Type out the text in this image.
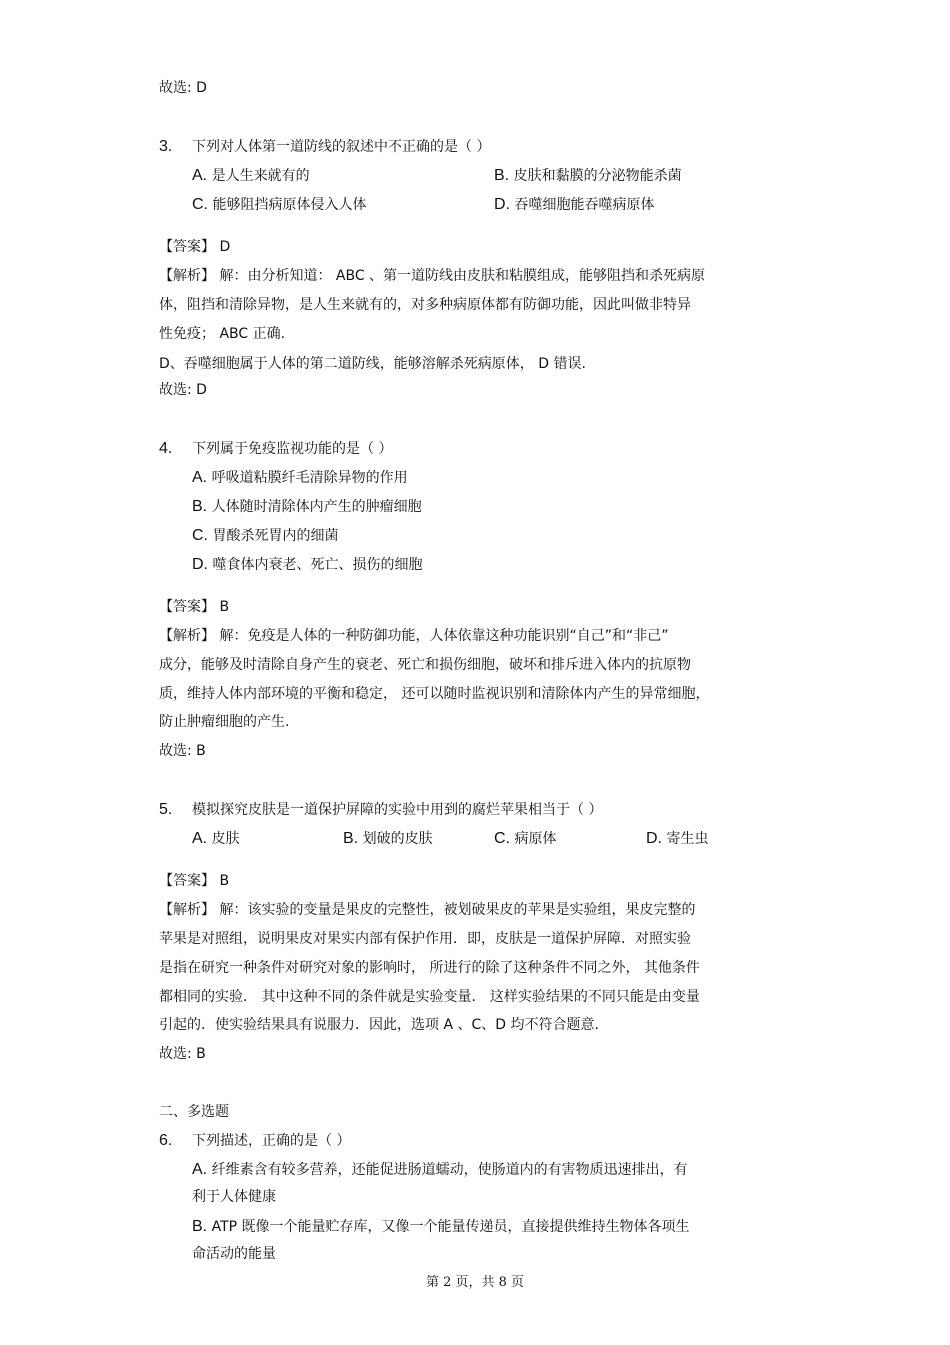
故选: D
3. 下列对人体第一道防线的叙述中不正确的是（ ）
A. 是人生来就有的	B. 皮肤和黏膜的分泌物能杀菌
C. 能够阻挡病原体侵入人体	D. 吞噬细胞能吞噬病原体
【答案】 D
【解析】 解：由分析知道： ABC 、第一道防线由皮肤和粘膜组成，能够阻挡和杀死病原
体，阻挡和清除异物，是人生来就有的，对多种病原体都有防御功能，因此叫做非特异
性免疫； ABC 正确.
D、吞噬细胞属于人体的第二道防线，能够溶解杀死病原体， D 错误.
故选: D
4. 下列属于免疫监视功能的是（ ）
A. 呼吸道粘膜纤毛清除异物的作用
B. 人体随时清除体内产生的肿瘤细胞
C. 胃酸杀死胃内的细菌
D. 噬食体内衰老、死亡、损伤的细胞
【答案】 B
【解析】 解：免疫是人体的一种防御功能，人体依靠这种功能识别“自己”和“非己”
成分，能够及时清除自身产生的衰老、死亡和损伤细胞，破坏和排斥进入体内的抗原物
质，维持人体内部环境的平衡和稳定， 还可以随时监视识别和清除体内产生的异常细胞，
防止肿瘤细胞的产生.
故选: B
5. 模拟探究皮肤是一道保护屏障的实验中用到的腐烂苹果相当于（ ）
A. 皮肤	B. 划破的皮肤	C. 病原体	D. 寄生虫
【答案】 B
【解析】 解：该实验的变量是果皮的完整性，被划破果皮的苹果是实验组，果皮完整的
苹果是对照组，说明果皮对果实内部有保护作用．即，皮肤是一道保护屏障．对照实验
是指在研究一种条件对研究对象的影响时， 所进行的除了这种条件不同之外， 其他条件
都相同的实验． 其中这种不同的条件就是实验变量． 这样实验结果的不同只能是由变量
引起的．使实验结果具有说服力．因此，选项 A 、C、D 均不符合题意.
故选: B
二、多选题
6. 下列描述，正确的是（ ）
A. 纤维素含有较多营养，还能促进肠道蠕动，使肠道内的有害物质迅速排出，有
利于人体健康
B. ATP 既像一个能量贮存库，又像一个能量传递员，直接提供维持生物体各项生
命活动的能量
第 2 页，共 8 页
